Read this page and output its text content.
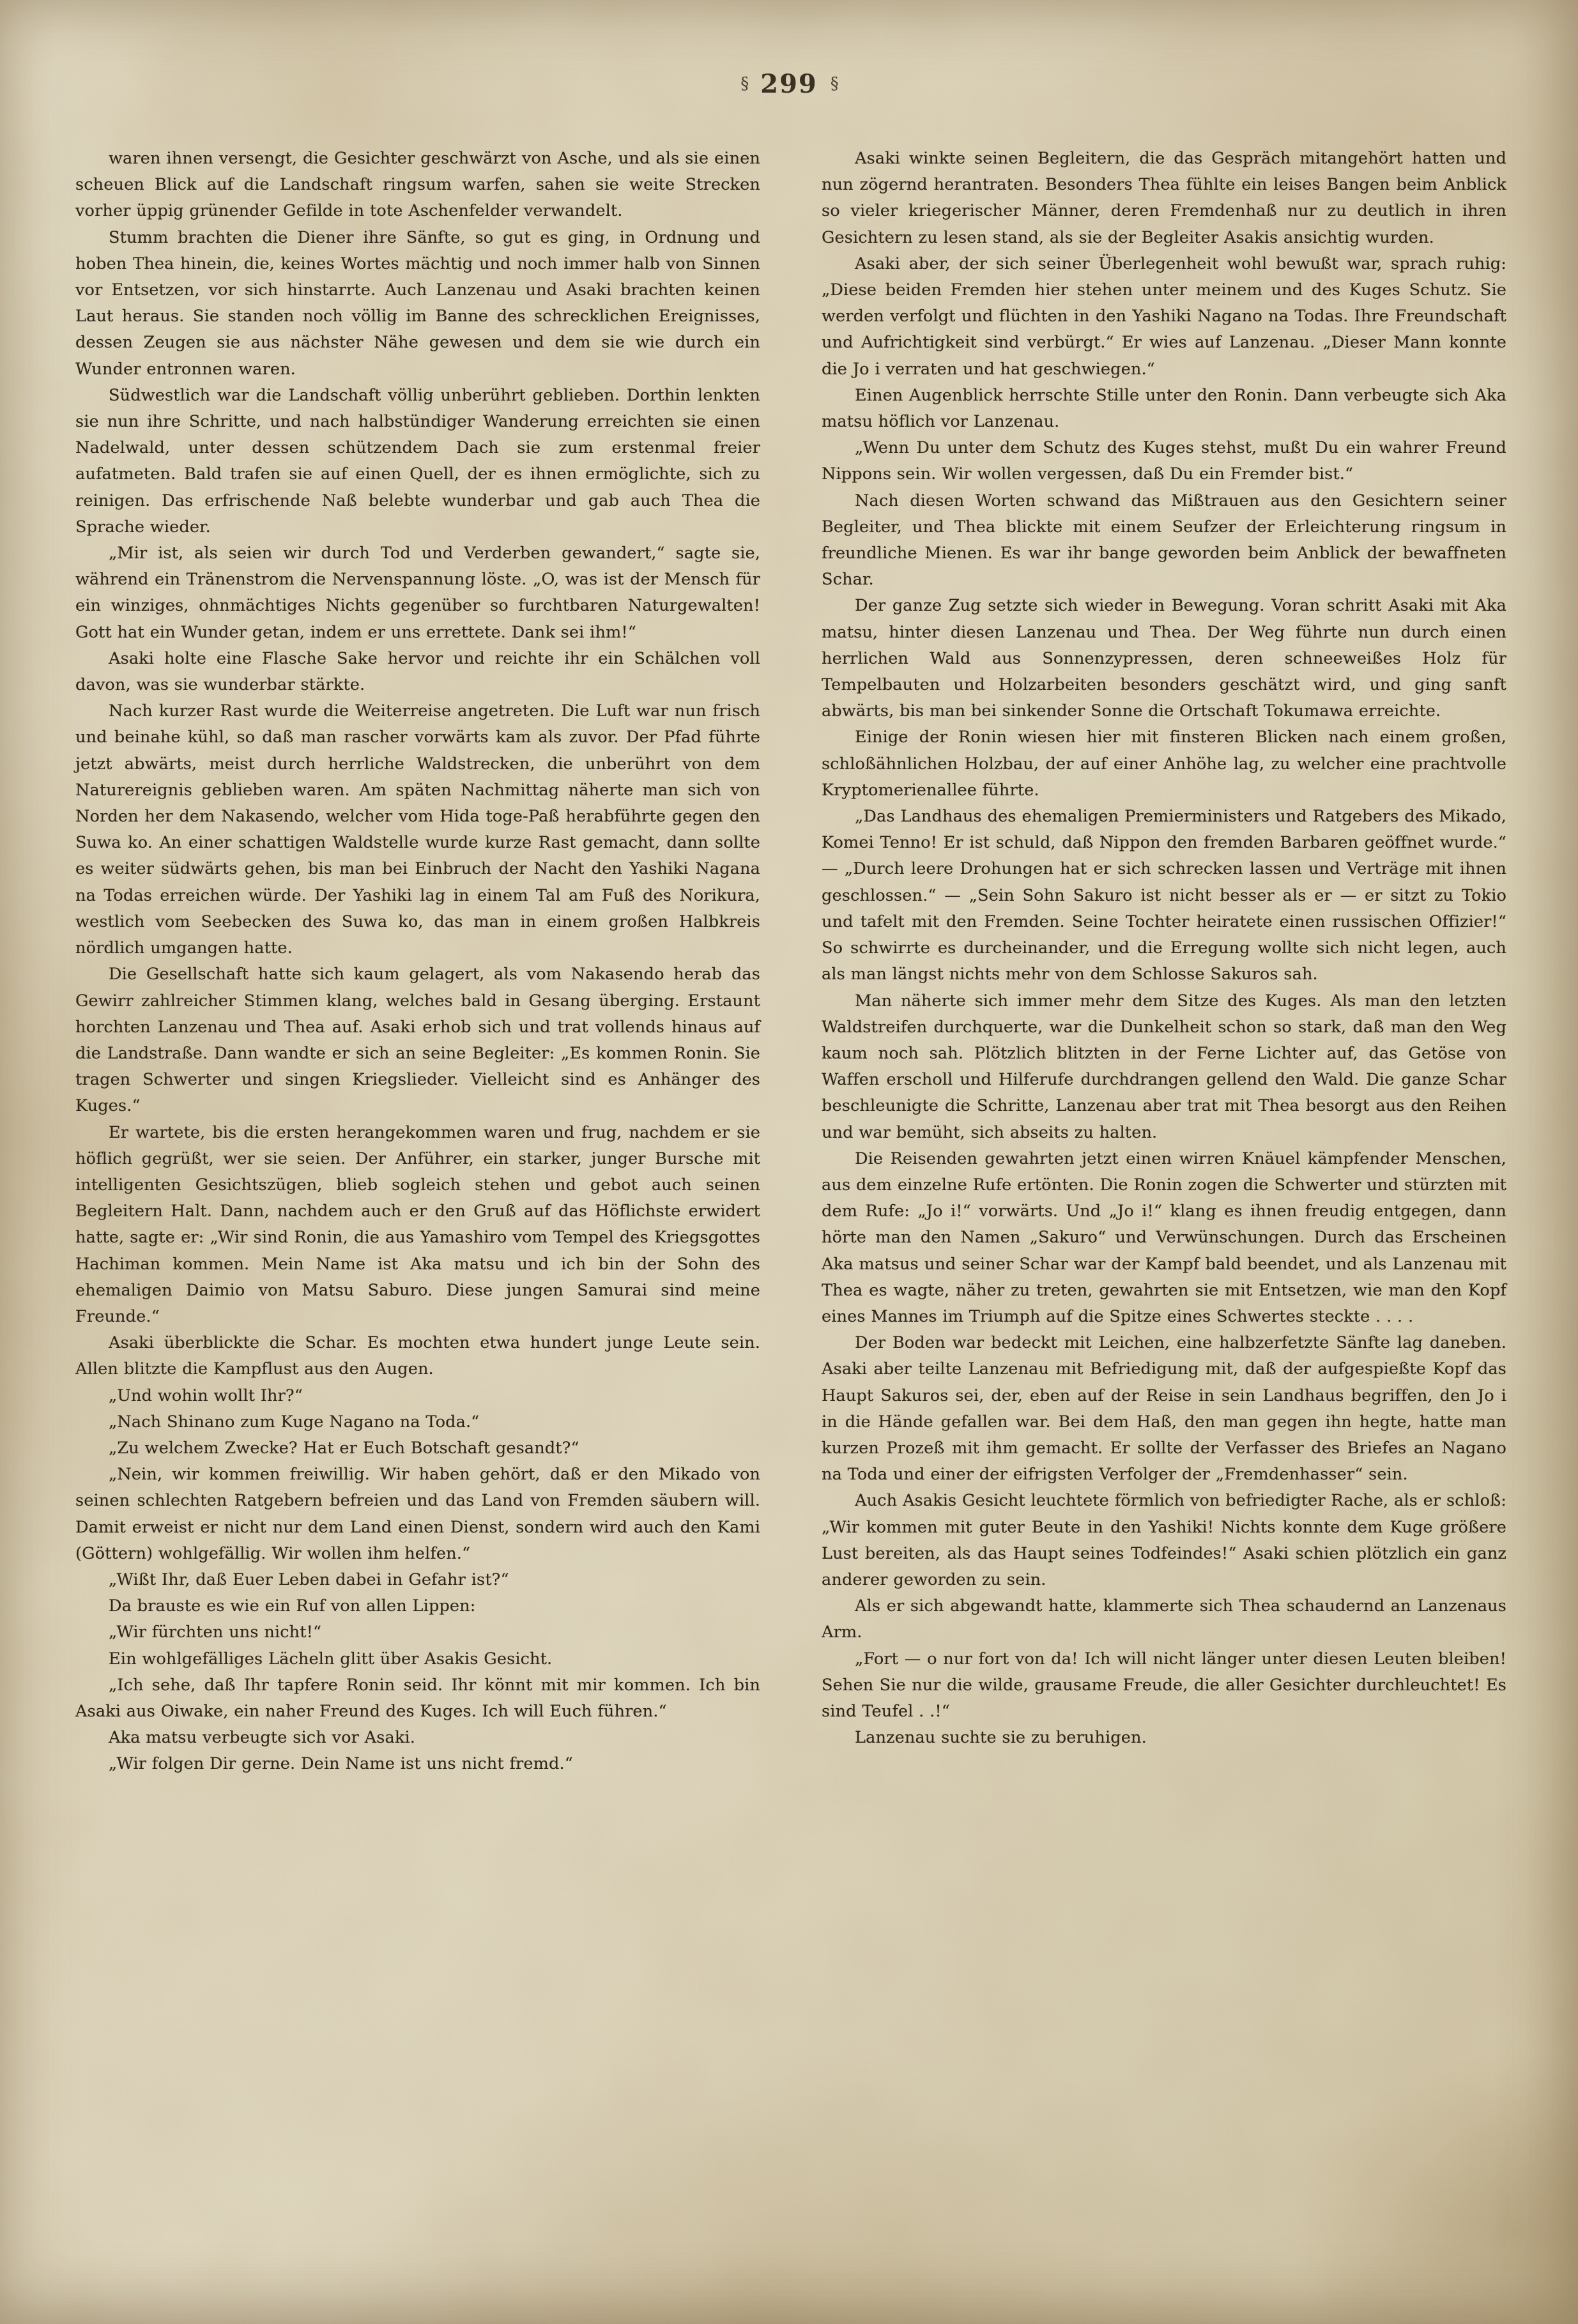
§ 299 §

waren ihnen versengt, die Gesichter geschwärzt von Asche, und als sie einen scheuen Blick auf die Landschaft ringsum warfen, sahen sie weite Strecken vorher üppig grünender Gefilde in tote Aschenfelder verwandelt.

Stumm brachten die Diener ihre Sänfte, so gut es ging, in Ordnung und hoben Thea hinein, die, keines Wortes mächtig und noch immer halb von Sinnen vor Entsetzen, vor sich hinstarrte. Auch Lanzenau und Asaki brachten keinen Laut heraus. Sie standen noch völlig im Banne des schrecklichen Ereignisses, dessen Zeugen sie aus nächster Nähe gewesen und dem sie wie durch ein Wunder entronnen waren.

Südwestlich war die Landschaft völlig unberührt geblieben. Dorthin lenkten sie nun ihre Schritte, und nach halbstündiger Wanderung erreichten sie einen Nadelwald, unter dessen schützendem Dach sie zum erstenmal freier aufatmeten. Bald trafen sie auf einen Quell, der es ihnen ermöglichte, sich zu reinigen. Das erfrischende Naß belebte wunderbar und gab auch Thea die Sprache wieder.

„Mir ist, als seien wir durch Tod und Verderben gewandert,“ sagte sie, während ein Tränenstrom die Nervenspannung löste. „O, was ist der Mensch für ein winziges, ohnmächtiges Nichts gegenüber so furchtbaren Naturgewalten! Gott hat ein Wunder getan, indem er uns errettete. Dank sei ihm!“

Asaki holte eine Flasche Sake hervor und reichte ihr ein Schälchen voll davon, was sie wunderbar stärkte.

Nach kurzer Rast wurde die Weiterreise angetreten. Die Luft war nun frisch und beinahe kühl, so daß man rascher vorwärts kam als zuvor. Der Pfad führte jetzt abwärts, meist durch herrliche Waldstrecken, die unberührt von dem Naturereignis geblieben waren. Am späten Nachmittag näherte man sich von Norden her dem Nakasendo, welcher vom Hida toge-Paß herabführte gegen den Suwa ko. An einer schattigen Waldstelle wurde kurze Rast gemacht, dann sollte es weiter südwärts gehen, bis man bei Einbruch der Nacht den Yashiki Nagana na Todas erreichen würde. Der Yashiki lag in einem Tal am Fuß des Norikura, westlich vom Seebecken des Suwa ko, das man in einem großen Halbkreis nördlich umgangen hatte.

Die Gesellschaft hatte sich kaum gelagert, als vom Nakasendo herab das Gewirr zahlreicher Stimmen klang, welches bald in Gesang überging. Erstaunt horchten Lanzenau und Thea auf. Asaki erhob sich und trat vollends hinaus auf die Landstraße. Dann wandte er sich an seine Begleiter: „Es kommen Ronin. Sie tragen Schwerter und singen Kriegslieder. Vielleicht sind es Anhänger des Kuges.“

Er wartete, bis die ersten herangekommen waren und frug, nachdem er sie höflich gegrüßt, wer sie seien. Der Anführer, ein starker, junger Bursche mit intelligenten Gesichtszügen, blieb sogleich stehen und gebot auch seinen Begleitern Halt. Dann, nachdem auch er den Gruß auf das Höflichste erwidert hatte, sagte er: „Wir sind Ronin, die aus Yamashiro vom Tempel des Kriegsgottes Hachiman kommen. Mein Name ist Aka matsu und ich bin der Sohn des ehemaligen Daimio von Matsu Saburo. Diese jungen Samurai sind meine Freunde.“

Asaki überblickte die Schar. Es mochten etwa hundert junge Leute sein. Allen blitzte die Kampflust aus den Augen.

„Und wohin wollt Ihr?“

„Nach Shinano zum Kuge Nagano na Toda.“

„Zu welchem Zwecke? Hat er Euch Botschaft gesandt?“

„Nein, wir kommen freiwillig. Wir haben gehört, daß er den Mikado von seinen schlechten Ratgebern befreien und das Land von Fremden säubern will. Damit erweist er nicht nur dem Land einen Dienst, sondern wird auch den Kami (Göttern) wohlgefällig. Wir wollen ihm helfen.“

„Wißt Ihr, daß Euer Leben dabei in Gefahr ist?“

Da brauste es wie ein Ruf von allen Lippen:

„Wir fürchten uns nicht!“

Ein wohlgefälliges Lächeln glitt über Asakis Gesicht.

„Ich sehe, daß Ihr tapfere Ronin seid. Ihr könnt mit mir kommen. Ich bin Asaki aus Oiwake, ein naher Freund des Kuges. Ich will Euch führen.“

Aka matsu verbeugte sich vor Asaki.

„Wir folgen Dir gerne. Dein Name ist uns nicht fremd.“

Asaki winkte seinen Begleitern, die das Gespräch mitangehört hatten und nun zögernd herantraten. Besonders Thea fühlte ein leises Bangen beim Anblick so vieler kriegerischer Männer, deren Fremdenhaß nur zu deutlich in ihren Gesichtern zu lesen stand, als sie der Begleiter Asakis ansichtig wurden.

Asaki aber, der sich seiner Überlegenheit wohl bewußt war, sprach ruhig: „Diese beiden Fremden hier stehen unter meinem und des Kuges Schutz. Sie werden verfolgt und flüchten in den Yashiki Nagano na Todas. Ihre Freundschaft und Aufrichtigkeit sind verbürgt.“ Er wies auf Lanzenau. „Dieser Mann konnte die Jo i verraten und hat geschwiegen.“

Einen Augenblick herrschte Stille unter den Ronin. Dann verbeugte sich Aka matsu höflich vor Lanzenau.

„Wenn Du unter dem Schutz des Kuges stehst, mußt Du ein wahrer Freund Nippons sein. Wir wollen vergessen, daß Du ein Fremder bist.“

Nach diesen Worten schwand das Mißtrauen aus den Gesichtern seiner Begleiter, und Thea blickte mit einem Seufzer der Erleichterung ringsum in freundliche Mienen. Es war ihr bange geworden beim Anblick der bewaffneten Schar.

Der ganze Zug setzte sich wieder in Bewegung. Voran schritt Asaki mit Aka matsu, hinter diesen Lanzenau und Thea. Der Weg führte nun durch einen herrlichen Wald aus Sonnenzypressen, deren schneeweißes Holz für Tempelbauten und Holzarbeiten besonders geschätzt wird, und ging sanft abwärts, bis man bei sinkender Sonne die Ortschaft Tokumawa erreichte.

Einige der Ronin wiesen hier mit finsteren Blicken nach einem großen, schloßähnlichen Holzbau, der auf einer Anhöhe lag, zu welcher eine prachtvolle Kryptomerienallee führte.

„Das Landhaus des ehemaligen Premierministers und Ratgebers des Mikado, Komei Tenno! Er ist schuld, daß Nippon den fremden Barbaren geöffnet wurde.“ — „Durch leere Drohungen hat er sich schrecken lassen und Verträge mit ihnen geschlossen.“ — „Sein Sohn Sakuro ist nicht besser als er — er sitzt zu Tokio und tafelt mit den Fremden. Seine Tochter heiratete einen russischen Offizier!“ So schwirrte es durcheinander, und die Erregung wollte sich nicht legen, auch als man längst nichts mehr von dem Schlosse Sakuros sah.

Man näherte sich immer mehr dem Sitze des Kuges. Als man den letzten Waldstreifen durchquerte, war die Dunkelheit schon so stark, daß man den Weg kaum noch sah. Plötzlich blitzten in der Ferne Lichter auf, das Getöse von Waffen erscholl und Hilferufe durchdrangen gellend den Wald. Die ganze Schar beschleunigte die Schritte, Lanzenau aber trat mit Thea besorgt aus den Reihen und war bemüht, sich abseits zu halten.

Die Reisenden gewahrten jetzt einen wirren Knäuel kämpfender Menschen, aus dem einzelne Rufe ertönten. Die Ronin zogen die Schwerter und stürzten mit dem Rufe: „Jo i!“ vorwärts. Und „Jo i!“ klang es ihnen freudig entgegen, dann hörte man den Namen „Sakuro“ und Verwünschungen. Durch das Erscheinen Aka matsus und seiner Schar war der Kampf bald beendet, und als Lanzenau mit Thea es wagte, näher zu treten, gewahrten sie mit Entsetzen, wie man den Kopf eines Mannes im Triumph auf die Spitze eines Schwertes steckte . . . .

Der Boden war bedeckt mit Leichen, eine halbzerfetzte Sänfte lag daneben. Asaki aber teilte Lanzenau mit Befriedigung mit, daß der aufgespießte Kopf das Haupt Sakuros sei, der, eben auf der Reise in sein Landhaus begriffen, den Jo i in die Hände gefallen war. Bei dem Haß, den man gegen ihn hegte, hatte man kurzen Prozeß mit ihm gemacht. Er sollte der Verfasser des Briefes an Nagano na Toda und einer der eifrigsten Verfolger der „Fremdenhasser“ sein.

Auch Asakis Gesicht leuchtete förmlich von befriedigter Rache, als er schloß: „Wir kommen mit guter Beute in den Yashiki! Nichts konnte dem Kuge größere Lust bereiten, als das Haupt seines Todfeindes!“ Asaki schien plötzlich ein ganz anderer geworden zu sein.

Als er sich abgewandt hatte, klammerte sich Thea schaudernd an Lanzenaus Arm.

„Fort — o nur fort von da! Ich will nicht länger unter diesen Leuten bleiben! Sehen Sie nur die wilde, grausame Freude, die aller Gesichter durchleuchtet! Es sind Teufel . .!“

Lanzenau suchte sie zu beruhigen.
